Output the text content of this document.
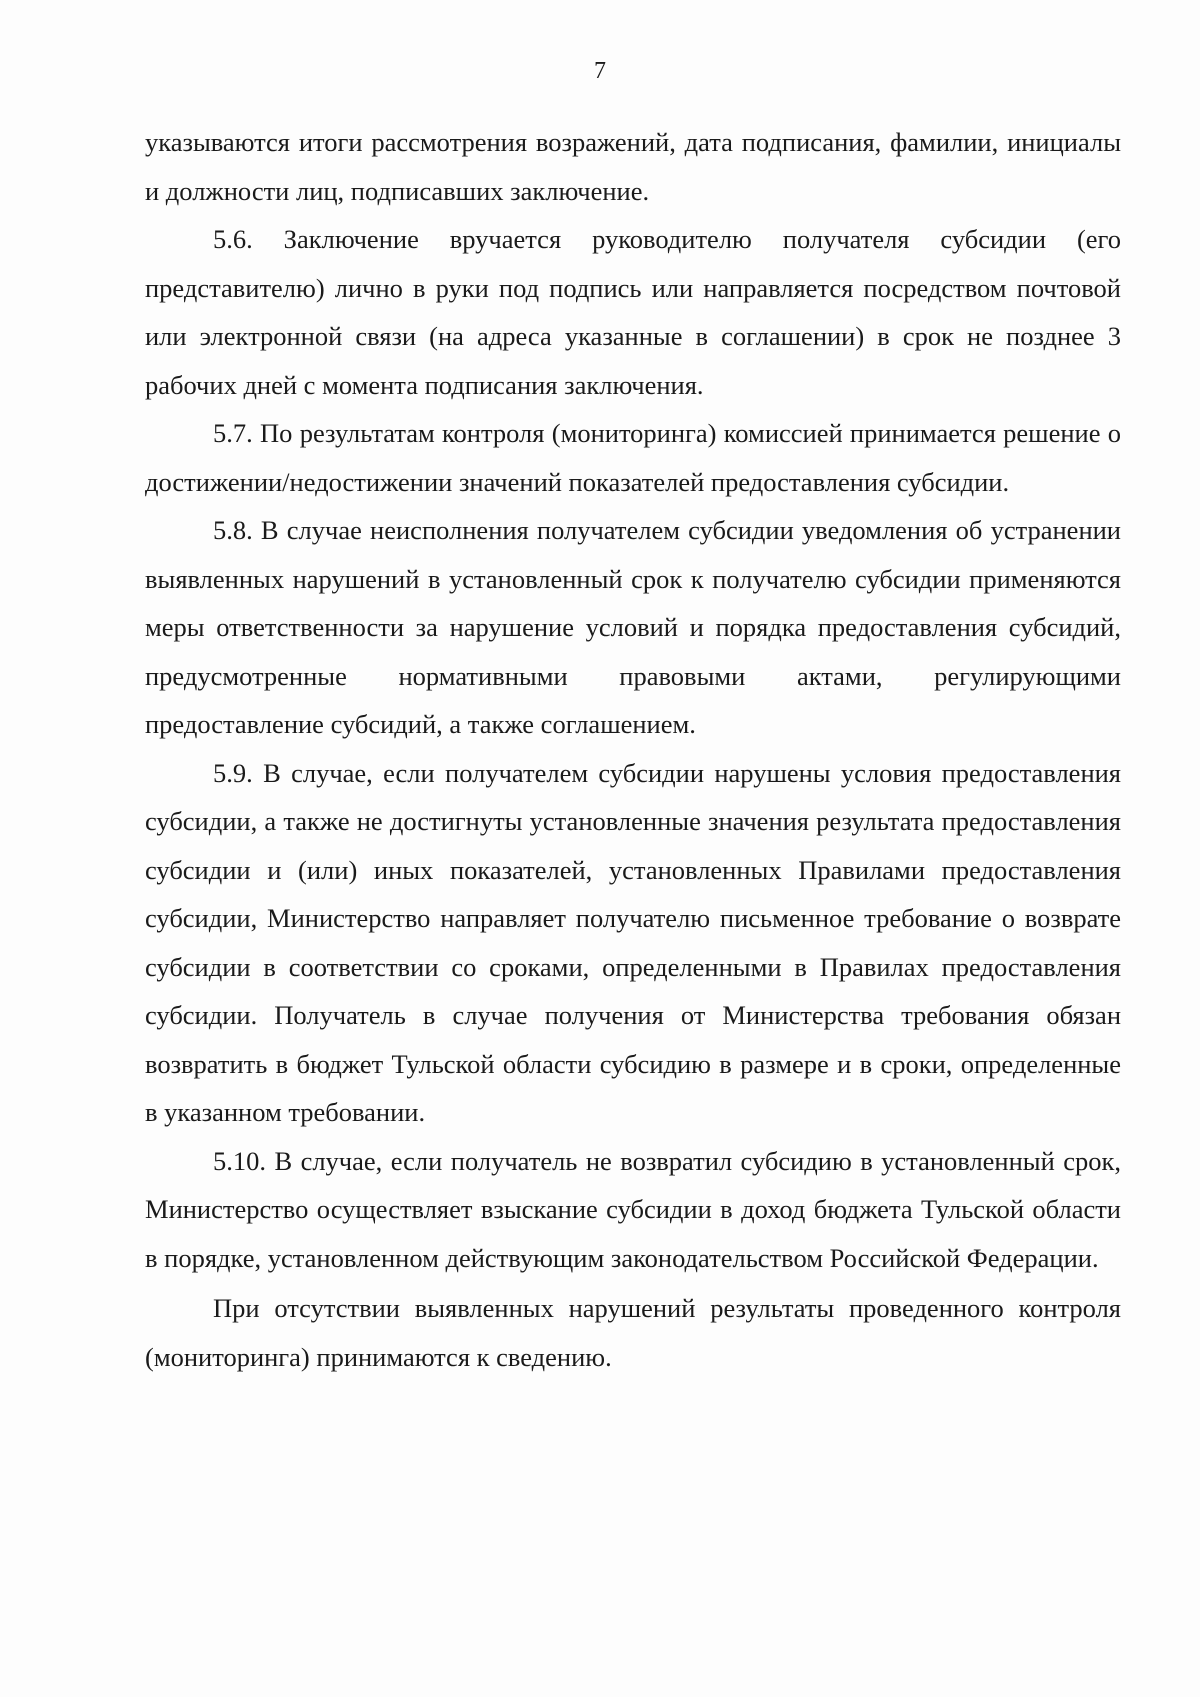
7

указываются итоги рассмотрения возражений, дата подписания, фамилии, инициалы и должности лиц, подписавших заключение.

5.6. Заключение вручается руководителю получателя субсидии (его представителю) лично в руки под подпись или направляется посредством почтовой или электронной связи (на адреса указанные в соглашении) в срок не позднее 3 рабочих дней с момента подписания заключения.

5.7. По результатам контроля (мониторинга) комиссией принимается решение о достижении/недостижении значений показателей предоставления субсидии.

5.8. В случае неисполнения получателем субсидии уведомления об устранении выявленных нарушений в установленный срок к получателю субсидии применяются меры ответственности за нарушение условий и порядка предоставления субсидий, предусмотренные нормативными правовыми актами, регулирующими предоставление субсидий, а также соглашением.

5.9. В случае, если получателем субсидии нарушены условия предоставления субсидии, а также не достигнуты установленные значения результата предоставления субсидии и (или) иных показателей, установленных Правилами предоставления субсидии, Министерство направляет получателю письменное требование о возврате субсидии в соответствии со сроками, определенными в Правилах предоставления субсидии. Получатель в случае получения от Министерства требования обязан возвратить в бюджет Тульской области субсидию в размере и в сроки, определенные в указанном требовании.

5.10. В случае, если получатель не возвратил субсидию в установленный срок, Министерство осуществляет взыскание субсидии в доход бюджета Тульской области в порядке, установленном действующим законодательством Российской Федерации.

При отсутствии выявленных нарушений результаты проведенного контроля (мониторинга) принимаются к сведению.
